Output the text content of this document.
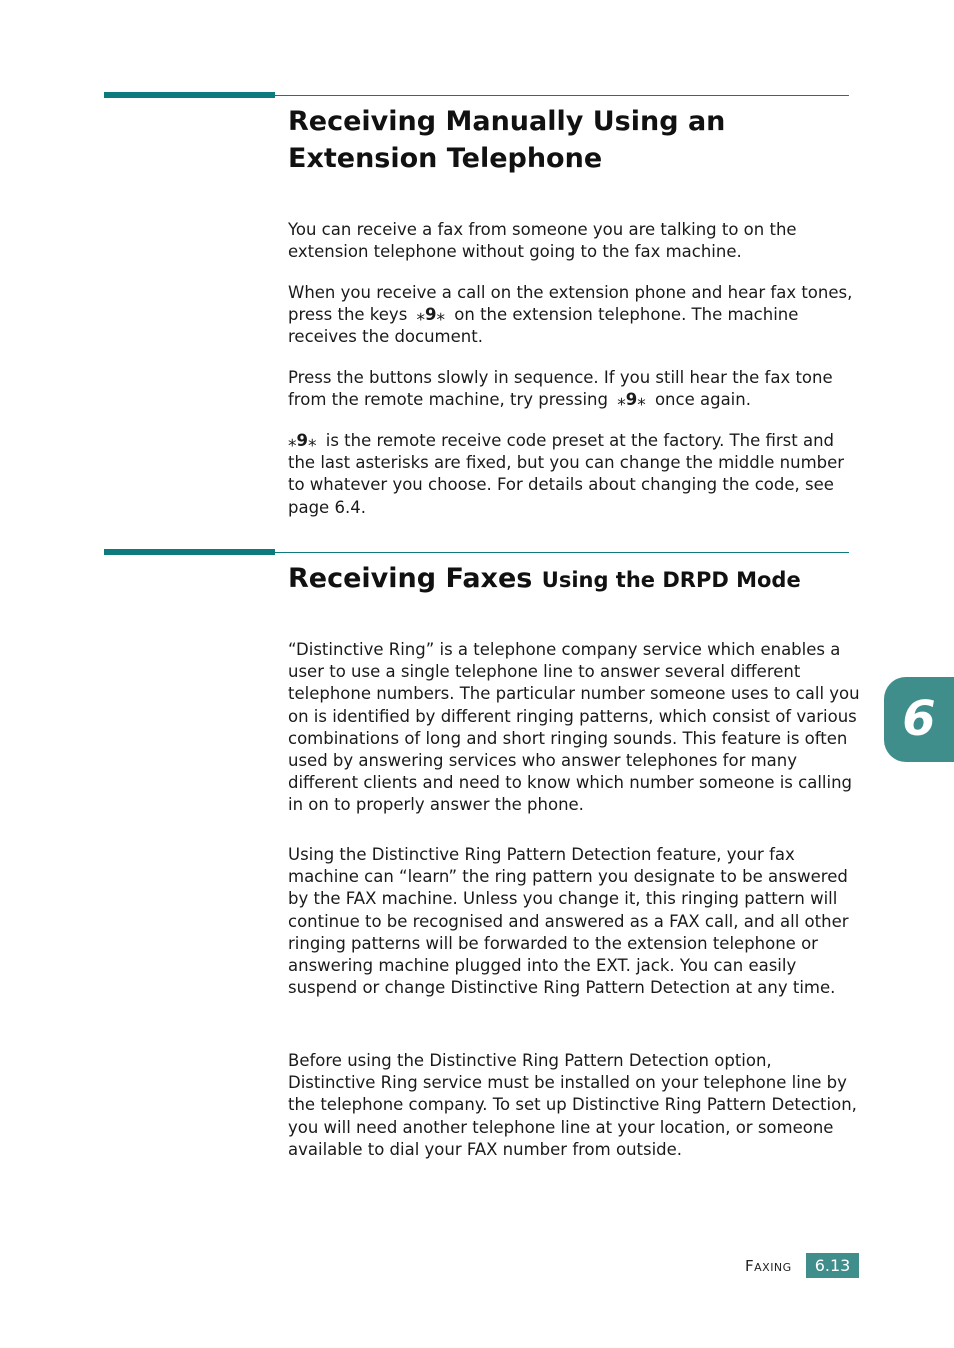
Receiving Manually Using an Extension Telephone

You can receive a fax from someone you are talking to on the extension telephone without going to the fax machine.

When you receive a call on the extension phone and hear fax tones, press the keys ⁎9⁎ on the extension telephone. The machine receives the document.

Press the buttons slowly in sequence. If you still hear the fax tone from the remote machine, try pressing ⁎9⁎ once again.

⁎9⁎ is the remote receive code preset at the factory. The first and the last asterisks are fixed, but you can change the middle number to whatever you choose. For details about changing the code, see page 6.4.

Receiving Faxes Using the DRPD Mode

“Distinctive Ring” is a telephone company service which enables a user to use a single telephone line to answer several different telephone numbers. The particular number someone uses to call you on is identified by different ringing patterns, which consist of various combinations of long and short ringing sounds. This feature is often used by answering services who answer telephones for many different clients and need to know which number someone is calling in on to properly answer the phone.

Using the Distinctive Ring Pattern Detection feature, your fax machine can “learn” the ring pattern you designate to be answered by the FAX machine. Unless you change it, this ringing pattern will continue to be recognised and answered as a FAX call, and all other ringing patterns will be forwarded to the extension telephone or answering machine plugged into the EXT. jack. You can easily suspend or change Distinctive Ring Pattern Detection at any time.

Before using the Distinctive Ring Pattern Detection option, Distinctive Ring service must be installed on your telephone line by the telephone company. To set up Distinctive Ring Pattern Detection, you will need another telephone line at your location, or someone available to dial your FAX number from outside.

6
Faxing	6.13
